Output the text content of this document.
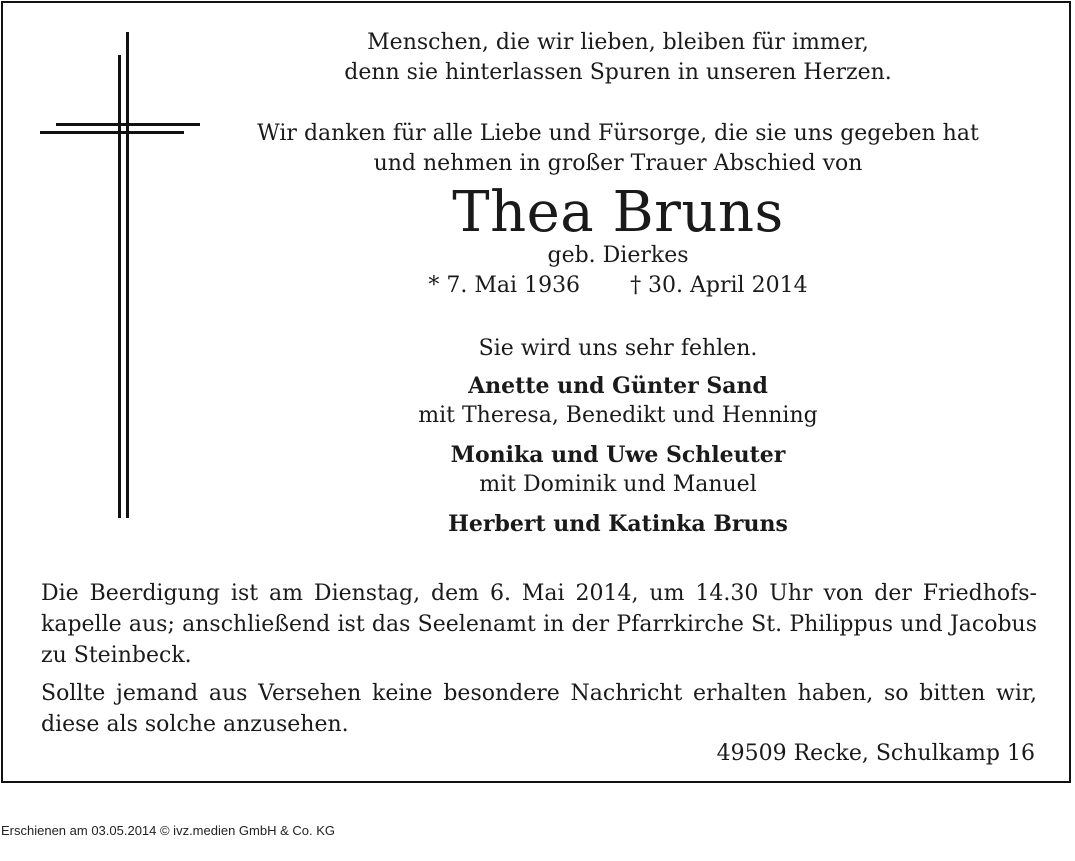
Menschen, die wir lieben, bleiben für immer,
denn sie hinterlassen Spuren in unseren Herzen.
Wir danken für alle Liebe und Fürsorge, die sie uns gegeben hat
und nehmen in großer Trauer Abschied von
Thea Bruns
geb. Dierkes
* 7. Mai 1936 † 30. April 2014
Sie wird uns sehr fehlen.
Anette und Günter Sand
mit Theresa, Benedikt und Henning
Monika und Uwe Schleuter
mit Dominik und Manuel
Herbert und Katinka Bruns
Die Beerdigung ist am Dienstag, dem 6. Mai 2014, um 14.30 Uhr von der Friedhofs-kapelle aus; anschließend ist das Seelenamt in der Pfarrkirche St. Philippus und Jacobus zu Steinbeck.
Sollte jemand aus Versehen keine besondere Nachricht erhalten haben, so bitten wir, diese als solche anzusehen.
49509 Recke, Schulkamp 16
Erschienen am 03.05.2014 © ivz.medien GmbH & Co. KG
